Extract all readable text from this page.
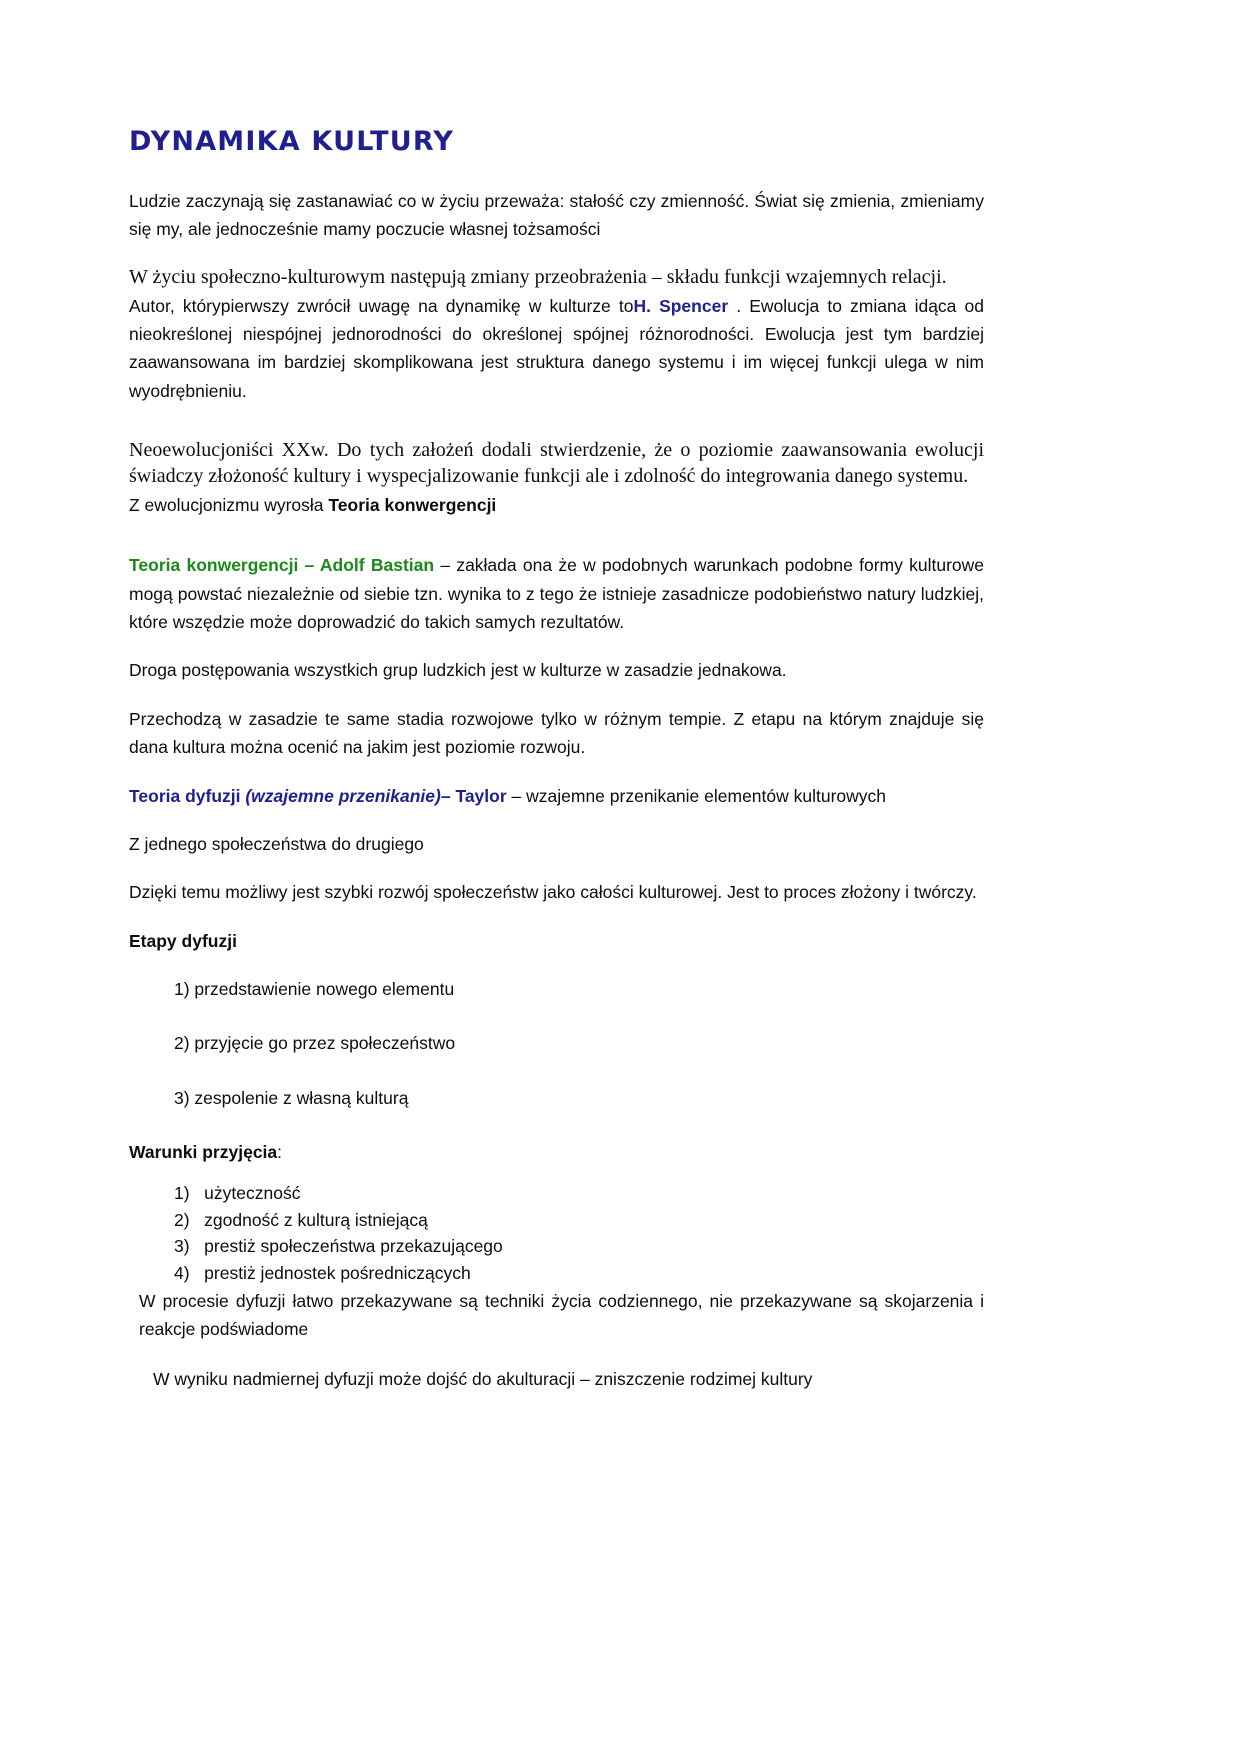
DYNAMIKA KULTURY

Ludzie zaczynają się zastanawiać co w życiu przeważa: stałość czy zmienność. Świat się zmienia, zmieniamy się my, ale jednocześnie mamy poczucie własnej tożsamości

W życiu społeczno-kulturowym następują zmiany przeobrażenia – składu funkcji wzajemnych relacji.

Autor, którypierwszy zwrócił uwagę na dynamikę w kulturze toH. Spencer . Ewolucja to zmiana idąca od nieokreślonej niespójnej jednorodności do określonej spójnej różnorodności. Ewolucja jest tym bardziej zaawansowana im bardziej skomplikowana jest struktura danego systemu i im więcej funkcji ulega w nim wyodrębnieniu.

Neoewolucjoniści XXw. Do tych założeń dodali stwierdzenie, że o poziomie zaawansowania ewolucji świadczy złożoność kultury i wyspecjalizowanie funkcji ale i zdolność do integrowania danego systemu.

Z ewolucjonizmu wyrosła Teoria konwergencji

Teoria konwergencji – Adolf Bastian – zakłada ona że w podobnych warunkach podobne formy kulturowe mogą powstać niezależnie od siebie tzn. wynika to z tego że istnieje zasadnicze podobieństwo natury ludzkiej, które wszędzie może doprowadzić do takich samych rezultatów.

Droga postępowania wszystkich grup ludzkich jest w kulturze w zasadzie jednakowa.

Przechodzą w zasadzie te same stadia rozwojowe tylko w różnym tempie. Z etapu na którym znajduje się dana kultura można ocenić na jakim jest poziomie rozwoju.

Teoria dyfuzji (wzajemne przenikanie)– Taylor – wzajemne przenikanie elementów kulturowych

Z jednego społeczeństwa do drugiego

Dzięki temu możliwy jest szybki rozwój społeczeństw jako całości kulturowej. Jest to proces złożony i twórczy.

Etapy dyfuzji

1) przedstawienie nowego elementu
2) przyjęcie go przez społeczeństwo
3) zespolenie z własną kulturą

Warunki przyjęcia:

1)   użyteczność
2)   zgodność z kulturą istniejącą
3)   prestiż społeczeństwa przekazującego
4)   prestiż jednostek pośredniczących

W procesie dyfuzji łatwo przekazywane są techniki życia codziennego, nie przekazywane są skojarzenia i reakcje podświadome

W wyniku nadmiernej dyfuzji może dojść do akulturacji – zniszczenie rodzimej kultury
